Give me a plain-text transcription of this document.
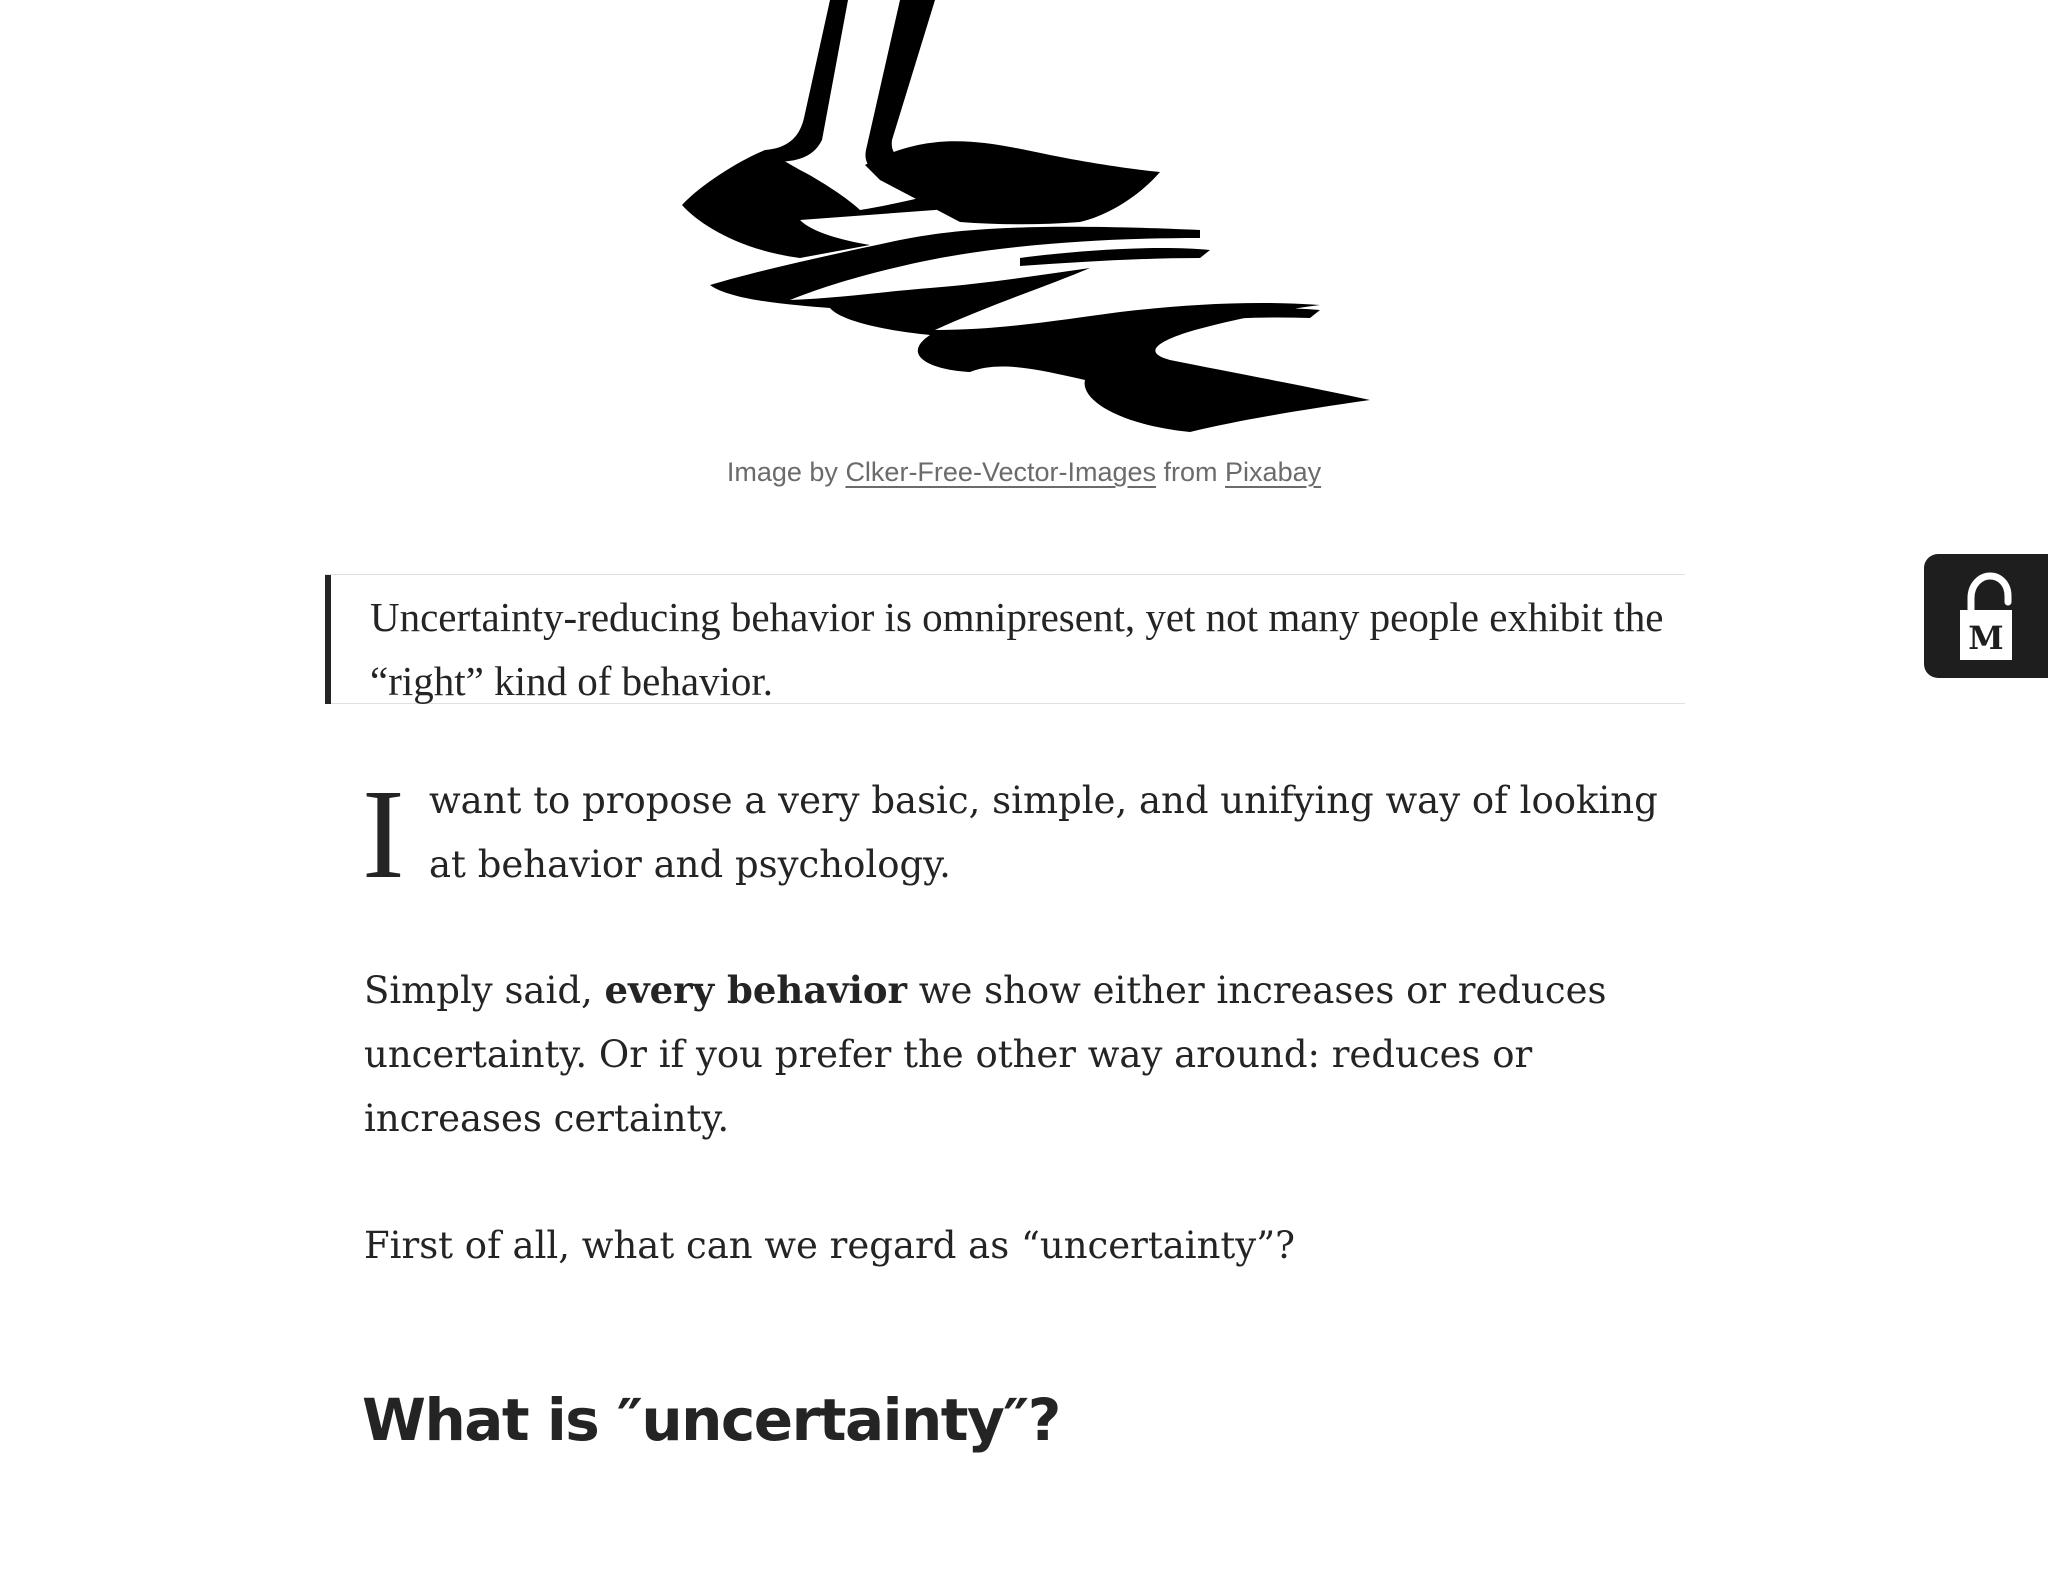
Image by Clker-Free-Vector-Images from Pixabay

Uncertainty-reducing behavior is omnipresent, yet not many people exhibit the “right” kind of behavior.

I want to propose a very basic, simple, and unifying way of looking at behavior and psychology.

Simply said, every behavior we show either increases or reduces uncertainty. Or if you prefer the other way around: reduces or increases certainty.

First of all, what can we regard as “uncertainty”?

What is ″uncertainty″?
M
